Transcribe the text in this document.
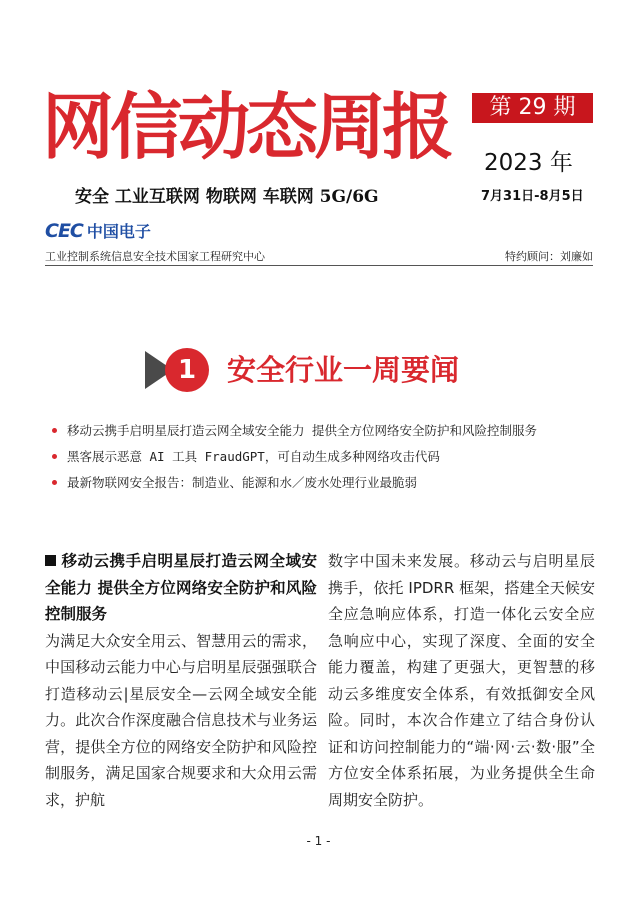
网信动态周报	第 29 期
2023 年
安全 工业互联网 物联网 车联网 5G/6G	7月31日-8月5日
CEC 中国电子
工业控制系统信息安全技术国家工程研究中心	特约顾问：刘廉如
1	安全行业一周要闻
移动云携手启明星辰打造云网全域安全能力 提供全方位网络安全防护和风险控制服务
黑客展示恶意 AI 工具 FraudGPT，可自动生成多种网络攻击代码
最新物联网安全报告：制造业、能源和水／废水处理行业最脆弱
移动云携手启明星辰打造云网全域安全能力 提供全方位网络安全防护和风险控制服务
为满足大众安全用云、智慧用云的需求，中国移动云能力中心与启明星辰强强联合打造移动云|星辰安全—云网全域安全能力。此次合作深度融合信息技术与业务运营，提供全方位的网络安全防护和风险控制服务，满足国家合规要求和大众用云需求，护航
数字中国未来发展。移动云与启明星辰携手，依托 IPDRR 框架，搭建全天候安全应急响应体系，打造一体化云安全应急响应中心，实现了深度、全面的安全能力覆盖，构建了更强大，更智慧的移动云多维度安全体系，有效抵御安全风险。同时，本次合作建立了结合身份认证和访问控制能力的“端·网·云·数·服”全方位安全体系拓展，为业务提供全生命周期安全防护。
- 1 -
